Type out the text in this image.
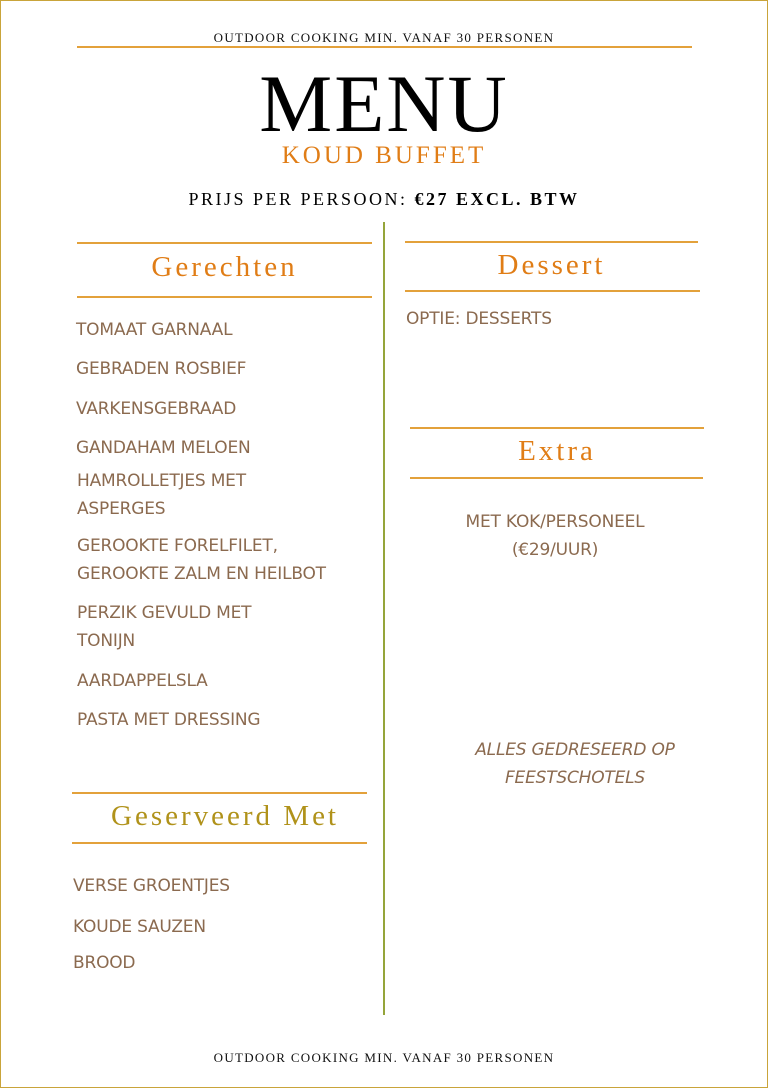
OUTDOOR COOKING MIN. VANAF 30 PERSONEN
MENU
KOUD BUFFET
PRIJS PER PERSOON: €27 EXCL. BTW
Gerechten
TOMAAT GARNAAL
GEBRADEN ROSBIEF
VARKENSGEBRAAD
GANDAHAM MELOEN
HAMROLLETJES MET
ASPERGES
GEROOKTE FORELFILET,
GEROOKTE ZALM EN HEILBOT
PERZIK GEVULD MET
TONIJN
AARDAPPELSLA
PASTA MET DRESSING
Geserveerd Met
VERSE GROENTJES
KOUDE SAUZEN
BROOD
Dessert
OPTIE: DESSERTS
Extra
MET KOK/PERSONEEL
(€29/UUR)
ALLES GEDRESEERD OP
FEESTSCHOTELS
OUTDOOR COOKING MIN. VANAF 30 PERSONEN
